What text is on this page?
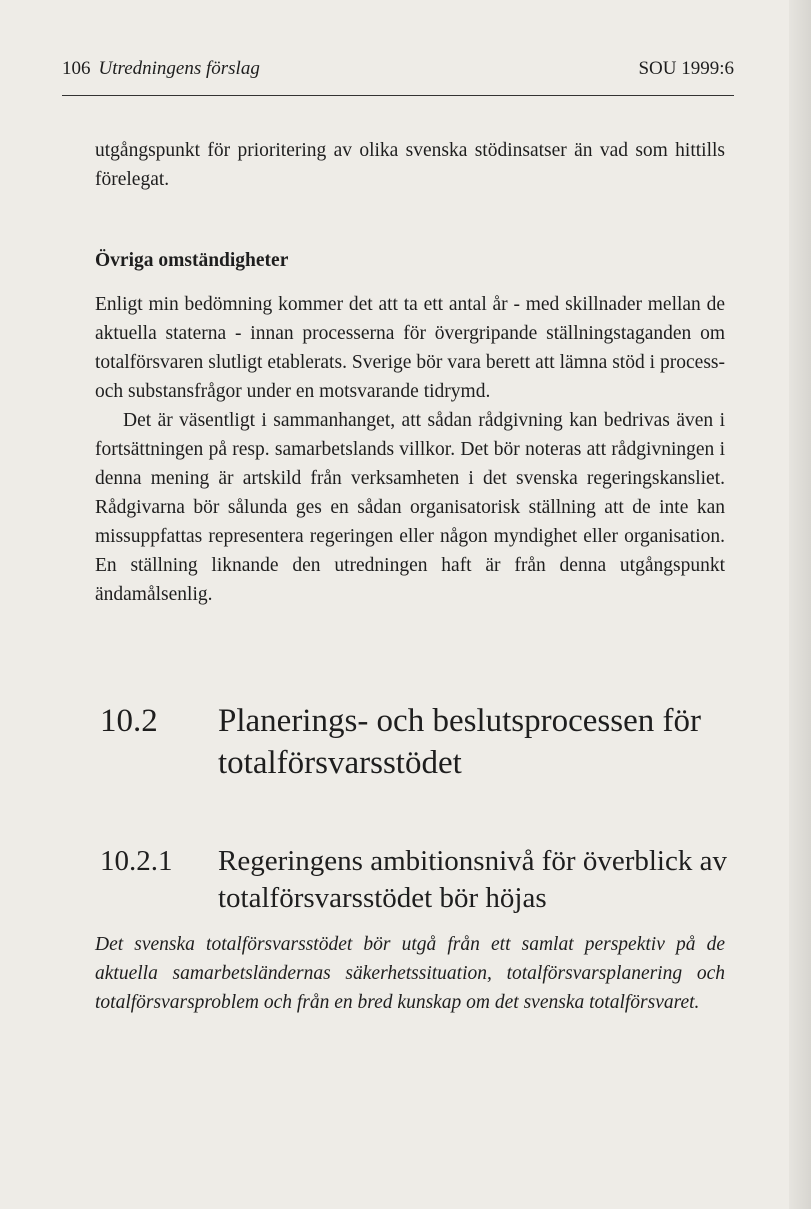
106 Utredningens förslag	SOU 1999:6

utgångspunkt för prioritering av olika svenska stödinsatser än vad som hittills förelegat.

Övriga omständigheter

Enligt min bedömning kommer det att ta ett antal år - med skillnader mellan de aktuella staterna - innan processerna för övergripande ställningstaganden om totalförsvaren slutligt etablerats. Sverige bör vara berett att lämna stöd i process- och substansfrågor under en motsvarande tidrymd.

Det är väsentligt i sammanhanget, att sådan rådgivning kan bedrivas även i fortsättningen på resp. samarbetslands villkor. Det bör noteras att rådgivningen i denna mening är artskild från verksamheten i det svenska regeringskansliet. Rådgivarna bör sålunda ges en sådan organisatorisk ställning att de inte kan missuppfattas representera regeringen eller någon myndighet eller organisation. En ställning liknande den utredningen haft är från denna utgångspunkt ändamålsenlig.

10.2	Planerings- och beslutsprocessen för totalförsvarsstödet
10.2.1	Regeringens ambitionsnivå för överblick av totalförsvarsstödet bör höjas
Det svenska totalförsvarsstödet bör utgå från ett samlat perspektiv på de aktuella samarbetsländernas säkerhetssituation, totalförsvarsplanering och totalförsvarsproblem och från en bred kunskap om det svenska totalförsvaret.
